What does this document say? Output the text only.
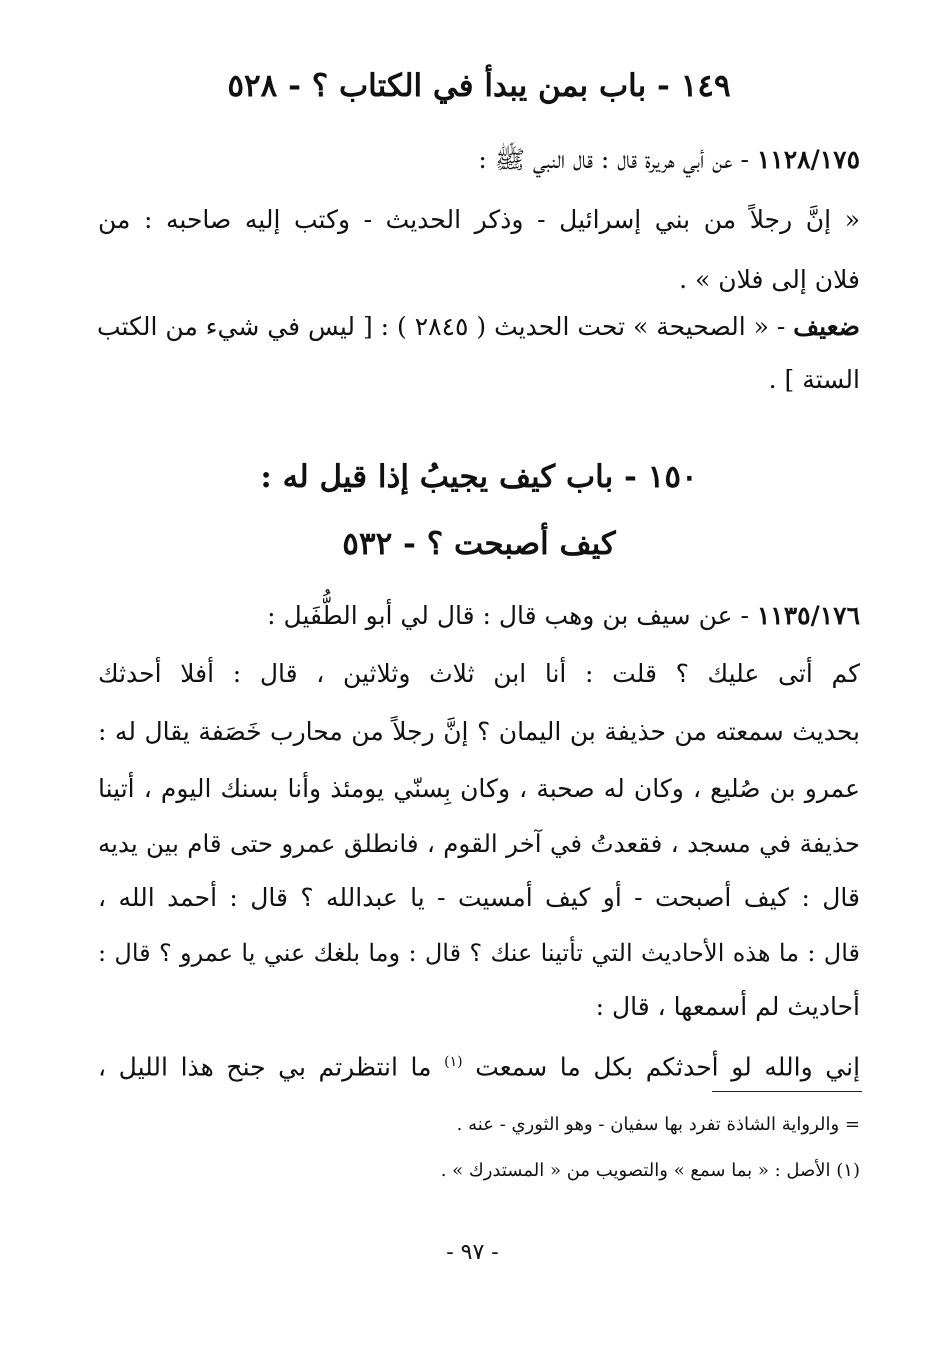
١٤٩ - باب بمن يبدأ في الكتاب ؟ - ٥٢٨
١١٢٨/١٧٥ - عن أبي هريرة قال : قال النبي ﷺ :
« إنَّ رجلاً من بني إسرائيل - وذكر الحديث - وكتب إليه صاحبه : من
فلان إلى فلان » .
ضعيف - « الصحيحة » تحت الحديث ( ٢٨٤٥ ) : [ ليس في شيء من الكتب
الستة ] .
١٥٠ - باب كيف يجيبُ إذا قيل له :
كيف أصبحت ؟ - ٥٣٢
١١٣٥/١٧٦ - عن سيف بن وهب قال : قال لي أبو الطُّفَيل :
كم أتى عليك ؟ قلت : أنا ابن ثلاث وثلاثين ، قال : أفلا أحدثك
بحديث سمعته من حذيفة بن اليمان ؟ إنَّ رجلاً من محارب خَصَفة يقال له :
عمرو بن صُليع ، وكان له صحبة ، وكان بِسنّي يومئذ وأنا بسنك اليوم ، أتينا
حذيفة في مسجد ، فقعدتُ في آخر القوم ، فانطلق عمرو حتى قام بين يديه
قال : كيف أصبحت - أو كيف أمسيت - يا عبدالله ؟ قال : أحمد الله ،
قال : ما هذه الأحاديث التي تأتينا عنك ؟ قال : وما بلغك عني يا عمرو ؟ قال :
أحاديث لم أسمعها ، قال :
إني والله لو أحدثكم بكل ما سمعت $^{(١)}$ ما انتظرتم بي جنح هذا الليل ،
= والرواية الشاذة تفرد بها سفيان - وهو الثوري - عنه .
(١) الأصل : « بما سمع » والتصويب من « المستدرك » .
- ٩٧ -
